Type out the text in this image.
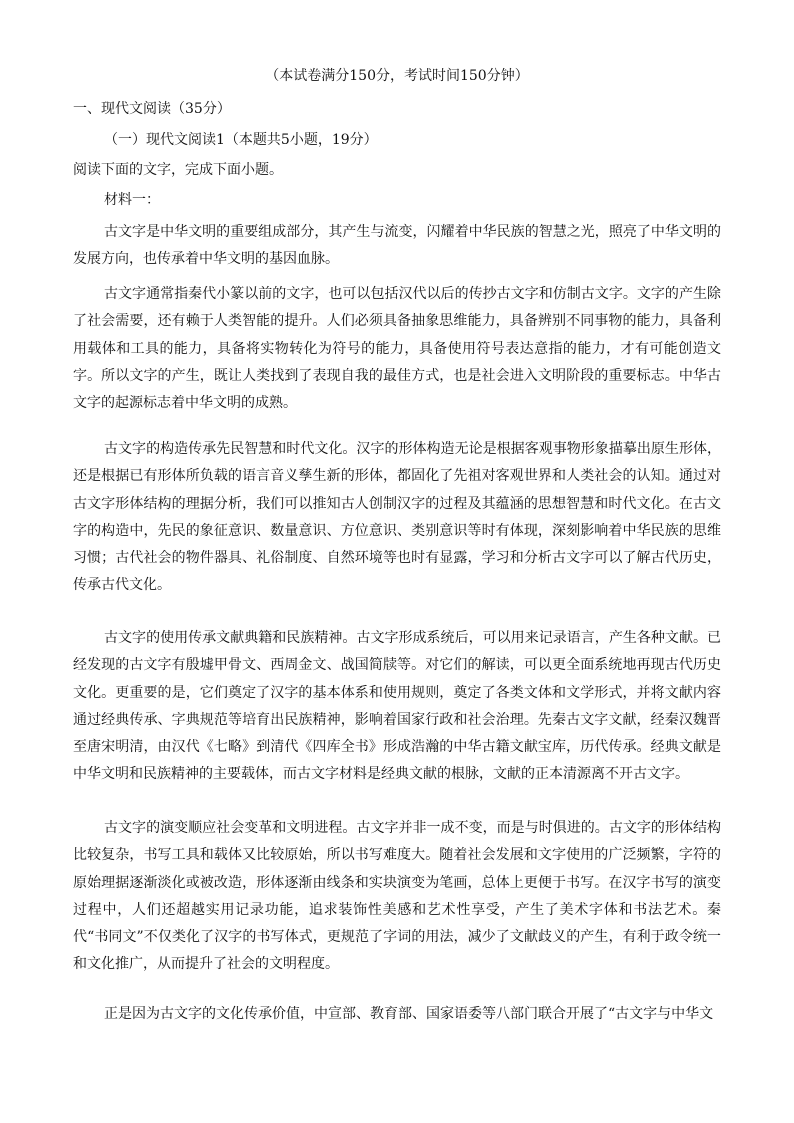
（本试卷满分150分，考试时间150分钟）
一、现代文阅读（35分）
（一）现代文阅读1（本题共5小题，19分）
阅读下面的文字，完成下面小题。
材料一：

古文字是中华文明的重要组成部分，其产生与流变，闪耀着中华民族的智慧之光，照亮了中华文明的发展方向，也传承着中华文明的基因血脉。

古文字通常指秦代小篆以前的文字，也可以包括汉代以后的传抄古文字和仿制古文字。文字的产生除了社会需要，还有赖于人类智能的提升。人们必须具备抽象思维能力，具备辨别不同事物的能力，具备利用载体和工具的能力，具备将实物转化为符号的能力，具备使用符号表达意指的能力，才有可能创造文字。所以文字的产生，既让人类找到了表现自我的最佳方式，也是社会进入文明阶段的重要标志。中华古文字的起源标志着中华文明的成熟。

古文字的构造传承先民智慧和时代文化。汉字的形体构造无论是根据客观事物形象描摹出原生形体，还是根据已有形体所负载的语言音义孳生新的形体，都固化了先祖对客观世界和人类社会的认知。通过对古文字形体结构的理据分析，我们可以推知古人创制汉字的过程及其蕴涵的思想智慧和时代文化。在古文字的构造中，先民的象征意识、数量意识、方位意识、类别意识等时有体现，深刻影响着中华民族的思维习惯；古代社会的物件器具、礼俗制度、自然环境等也时有显露，学习和分析古文字可以了解古代历史，传承古代文化。

古文字的使用传承文献典籍和民族精神。古文字形成系统后，可以用来记录语言，产生各种文献。已经发现的古文字有殷墟甲骨文、西周金文、战国简牍等。对它们的解读，可以更全面系统地再现古代历史文化。更重要的是，它们奠定了汉字的基本体系和使用规则，奠定了各类文体和文学形式，并将文献内容通过经典传承、字典规范等培育出民族精神，影响着国家行政和社会治理。先秦古文字文献，经秦汉魏晋至唐宋明清，由汉代《七略》到清代《四库全书》形成浩瀚的中华古籍文献宝库，历代传承。经典文献是中华文明和民族精神的主要载体，而古文字材料是经典文献的根脉，文献的正本清源离不开古文字。

古文字的演变顺应社会变革和文明进程。古文字并非一成不变，而是与时俱进的。古文字的形体结构比较复杂，书写工具和载体又比较原始，所以书写难度大。随着社会发展和文字使用的广泛频繁，字符的原始理据逐渐淡化或被改造，形体逐渐由线条和实块演变为笔画，总体上更便于书写。在汉字书写的演变过程中，人们还超越实用记录功能，追求装饰性美感和艺术性享受，产生了美术字体和书法艺术。秦代“书同文”不仅类化了汉字的书写体式，更规范了字词的用法，减少了文献歧义的产生，有利于政令统一和文化推广，从而提升了社会的文明程度。

正是因为古文字的文化传承价值，中宣部、教育部、国家语委等八部门联合开展了“古文字与中华文
